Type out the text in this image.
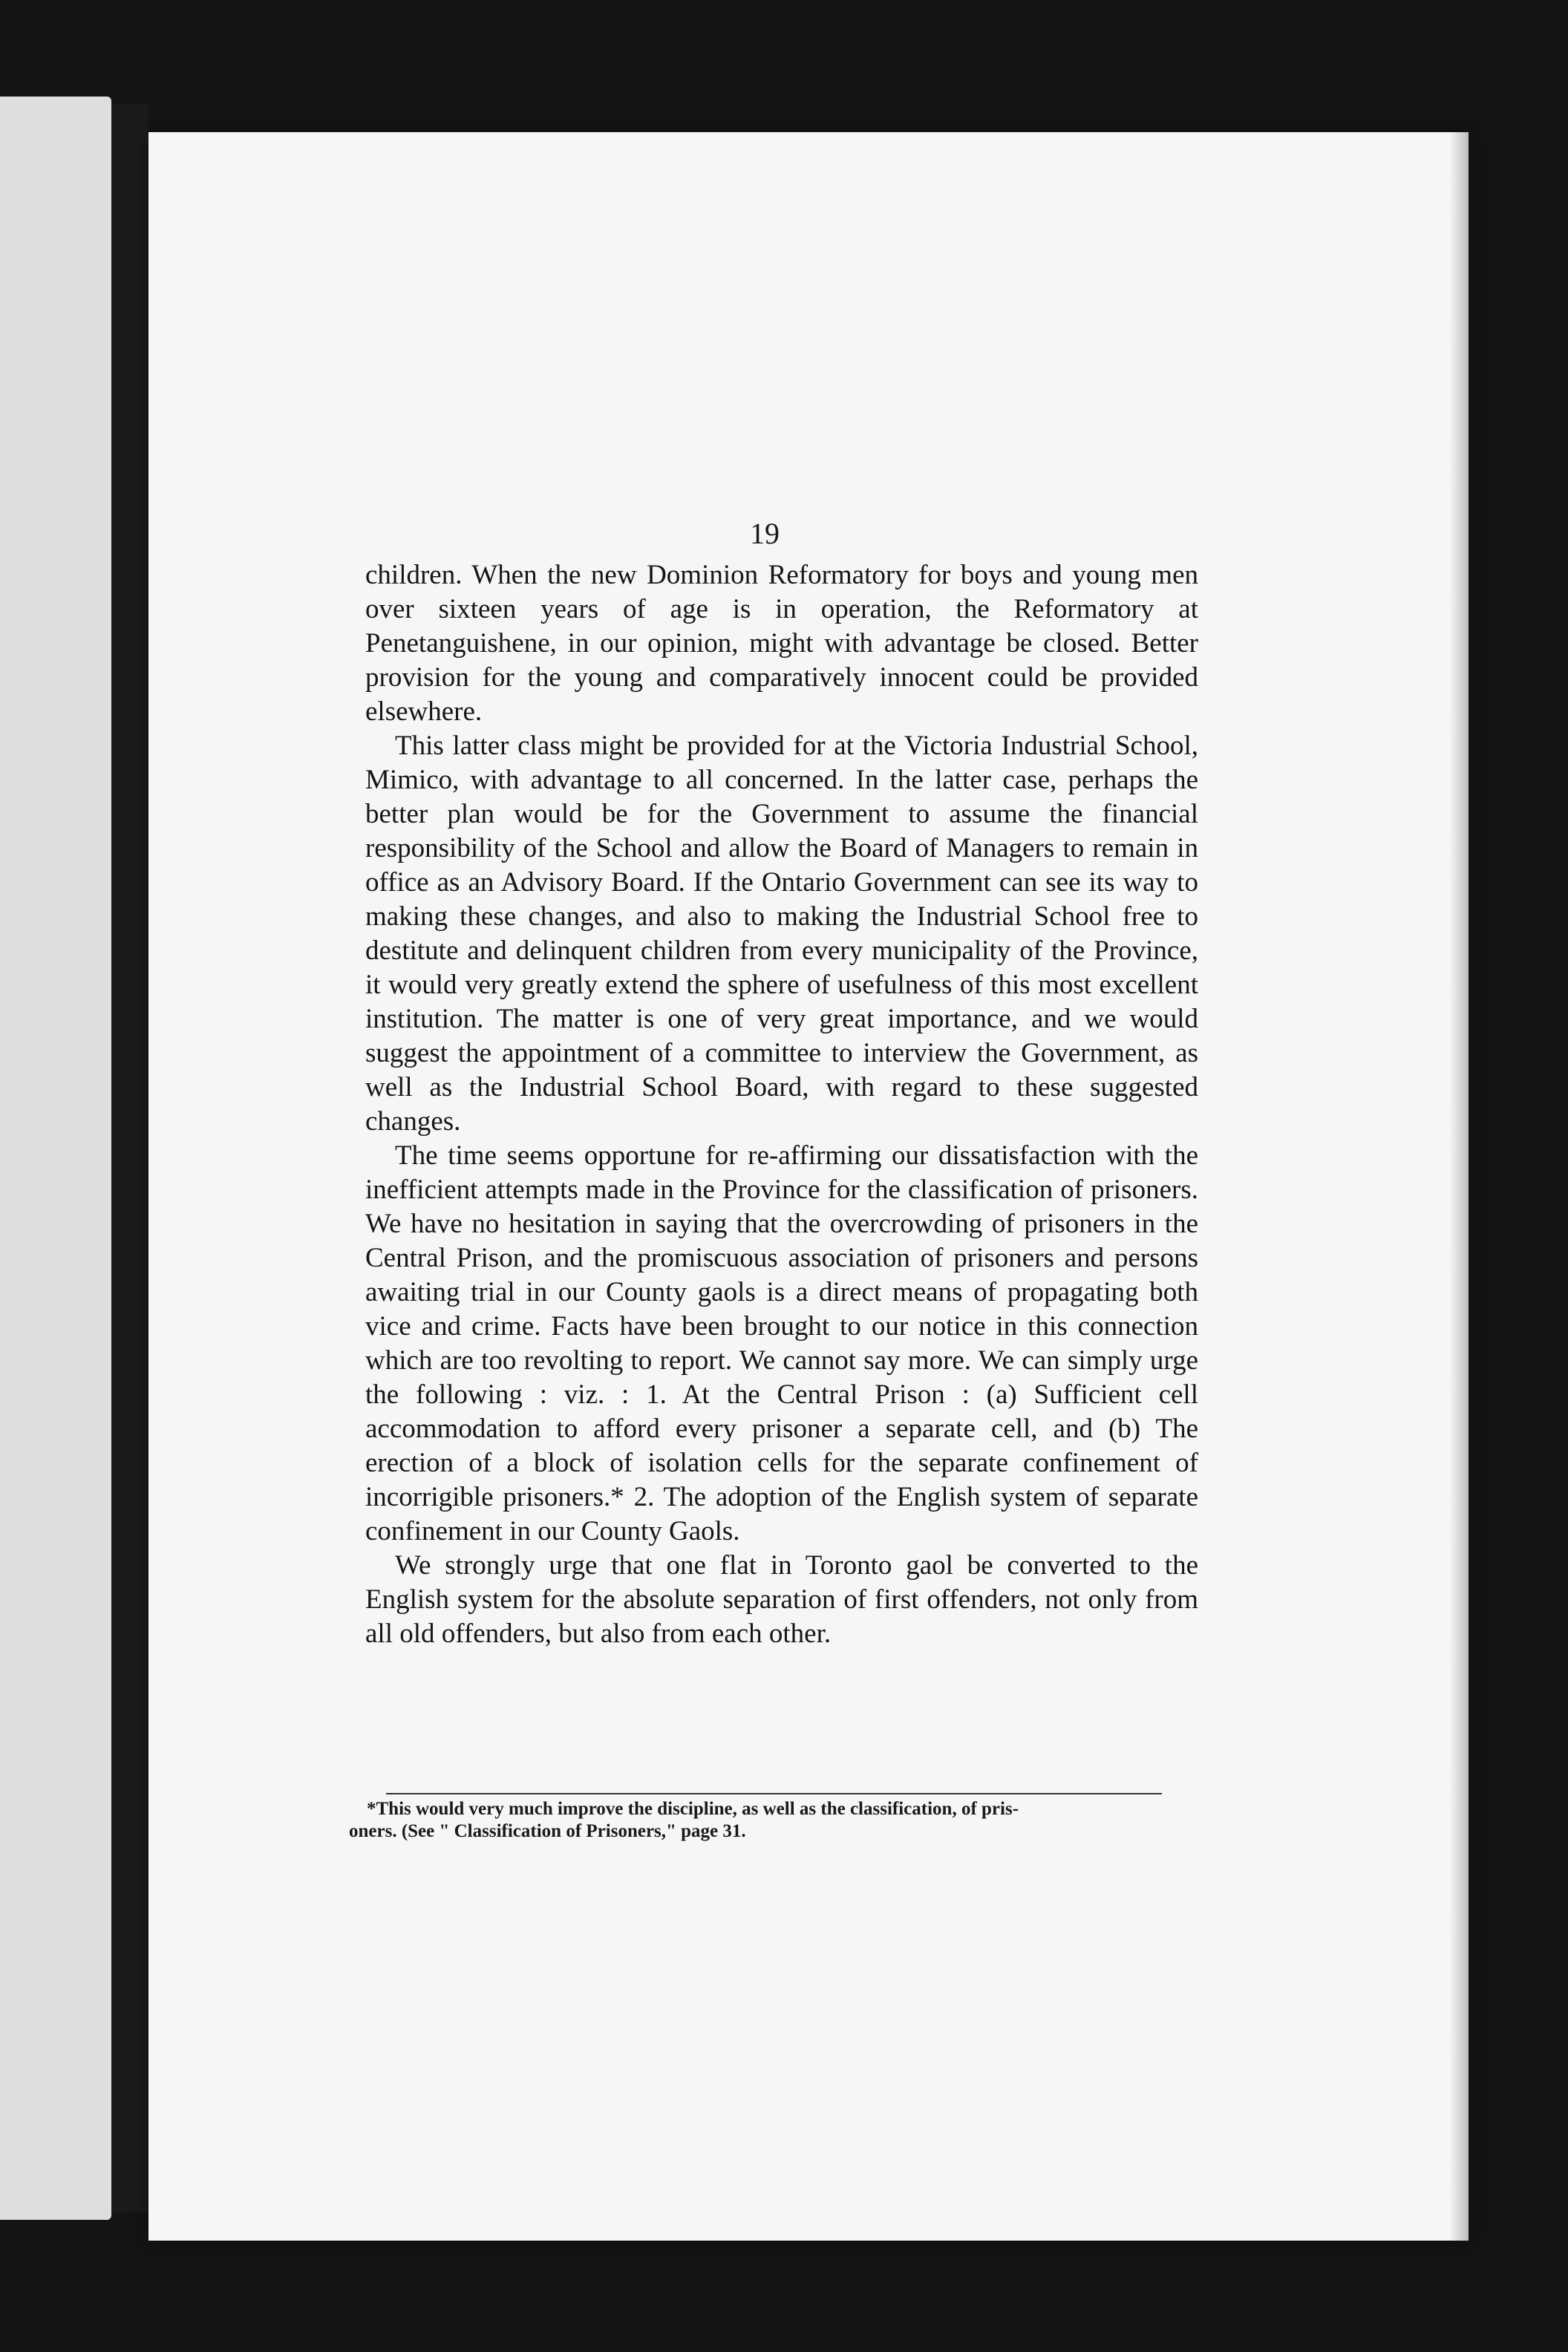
19

children. When the new Dominion Reformatory for boys and young men over sixteen years of age is in operation, the Reformatory at Penetanguishene, in our opinion, might with advantage be closed. Better provision for the young and comparatively innocent could be provided elsewhere.

This latter class might be provided for at the Victoria Industrial School, Mimico, with advantage to all concerned. In the latter case, perhaps the better plan would be for the Government to assume the financial responsibility of the School and allow the Board of Managers to remain in office as an Advisory Board. If the Ontario Government can see its way to making these changes, and also to making the Industrial School free to destitute and delinquent children from every municipality of the Province, it would very greatly extend the sphere of usefulness of this most excellent institution. The matter is one of very great importance, and we would suggest the appointment of a committee to interview the Government, as well as the Industrial School Board, with regard to these suggested changes.

The time seems opportune for re-affirming our dissatisfaction with the inefficient attempts made in the Province for the classification of prisoners. We have no hesitation in saying that the overcrowding of prisoners in the Central Prison, and the promiscuous association of prisoners and persons awaiting trial in our County gaols is a direct means of propagating both vice and crime. Facts have been brought to our notice in this connection which are too revolting to report. We cannot say more. We can simply urge the following : viz. : 1. At the Central Prison : (a) Sufficient cell accommodation to afford every prisoner a separate cell, and (b) The erection of a block of isolation cells for the separate confinement of incorrigible prisoners.* 2. The adoption of the English system of separate confinement in our County Gaols.

We strongly urge that one flat in Toronto gaol be converted to the English system for the absolute separation of first offenders, not only from all old offenders, but also from each other.

*This would very much improve the discipline, as well as the classification, of pris-
oners. (See " Classification of Prisoners," page 31.
